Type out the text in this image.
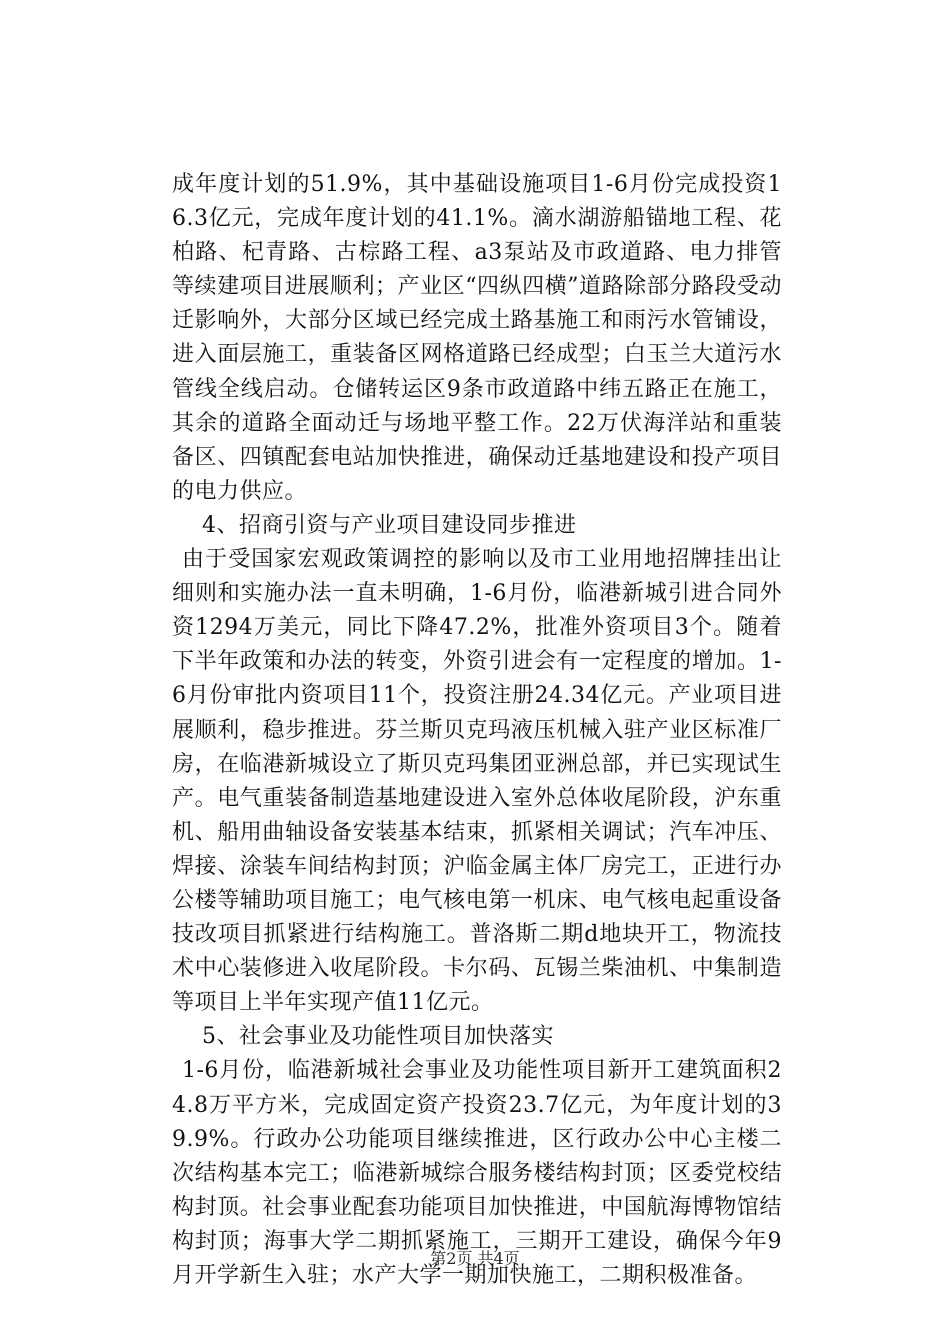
成年度计划的51.9%，其中基础设施项目1-6月份完成投资16.3亿元，完成年度计划的41.1%。滴水湖游船锚地工程、花柏路、杞青路、古棕路工程、a3泵站及市政道路、电力排管等续建项目进展顺利；产业区“四纵四横”道路除部分路段受动迁影响外，大部分区域已经完成土路基施工和雨污水管铺设，进入面层施工，重装备区网格道路已经成型；白玉兰大道污水管线全线启动。仓储转运区9条市政道路中纬五路正在施工，其余的道路全面动迁与场地平整工作。22万伏海洋站和重装备区、四镇配套电站加快推进，确保动迁基地建设和投产项目的电力供应。

4、招商引资与产业项目建设同步推进

由于受国家宏观政策调控的影响以及市工业用地招牌挂出让细则和实施办法一直未明确，1-6月份，临港新城引进合同外资1294万美元，同比下降47.2%，批准外资项目3个。随着下半年政策和办法的转变，外资引进会有一定程度的增加。1-6月份审批内资项目11个，投资注册24.34亿元。产业项目进展顺利，稳步推进。芬兰斯贝克玛液压机械入驻产业区标准厂房，在临港新城设立了斯贝克玛集团亚洲总部，并已实现试生产。电气重装备制造基地建设进入室外总体收尾阶段，沪东重机、船用曲轴设备安装基本结束，抓紧相关调试；汽车冲压、焊接、涂装车间结构封顶；沪临金属主体厂房完工，正进行办公楼等辅助项目施工；电气核电第一机床、电气核电起重设备技改项目抓紧进行结构施工。普洛斯二期d地块开工，物流技术中心装修进入收尾阶段。卡尔码、瓦锡兰柴油机、中集制造等项目上半年实现产值11亿元。

5、社会事业及功能性项目加快落实

1-6月份，临港新城社会事业及功能性项目新开工建筑面积24.8万平方米，完成固定资产投资23.7亿元，为年度计划的39.9%。行政办公功能项目继续推进，区行政办公中心主楼二次结构基本完工；临港新城综合服务楼结构封顶；区委党校结构封顶。社会事业配套功能项目加快推进，中国航海博物馆结构封顶；海事大学二期抓紧施工，三期开工建设，确保今年9月开学新生入驻；水产大学一期加快施工，二期积极准备。

第2页 共4页
